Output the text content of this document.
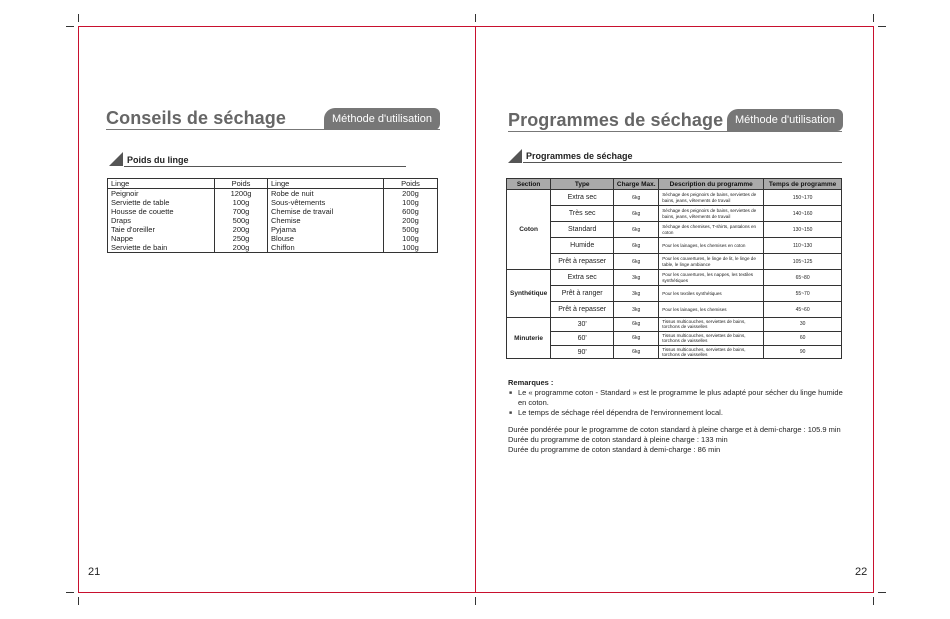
Conseils de séchage	Méthode d'utilisation
Poids du linge
Linge	Poids	Linge	Poids
Peignoir	1200g	Robe de nuit	200g
Serviette de table	100g	Sous-vêtements	100g
Housse de couette	700g	Chemise de travail	600g
Draps	500g	Chemise	200g
Taie d'oreiller	200g	Pyjama	500g
Nappe	250g	Blouse	100g
Serviette de bain	200g	Chiffon	100g
21
Programmes de séchage	Méthode d'utilisation
Programmes de séchage
Section	Type	Charge Max.	Description du programme	Temps de programme
Coton	Extra sec	6kg	Séchage des peignoirs de bains, serviettes de bains, jeans, vêtements de travail	150~170
	Très sec	6kg	Séchage des peignoirs de bains, serviettes de bains, jeans, vêtements de travail	140~160
	Standard	6kg	Séchage des chemises, T-shirts, pantalons en coton	130~150
	Humide	6kg	Pour les lainages, les chemises en coton	110~130
	Prêt à repasser	6kg	Pour les couvertures, le linge de lit, le linge de table, le linge ambiance	105~125
Synthétique	Extra sec	3kg	Pour les couvertures, les nappes, les textiles synthétiques	65~80
	Prêt à ranger	3kg	Pour les textiles synthétiques	55~70
	Prêt à repasser	3kg	Pour les lainages, les chemises	45~60
Minuterie	30'	6kg	Tissus multicouches, serviettes de bains, torchons de vaisselles	30
	60'	6kg	Tissus multicouches, serviettes de bains, torchons de vaisselles	60
	90'	6kg	Tissus multicouches, serviettes de bains, torchons de vaisselles	90
Remarques :
■ Le « programme coton - Standard » est le programme le plus adapté pour sécher du linge humide en coton.
■ Le temps de séchage réel dépendra de l'environnement local.
Durée pondérée pour le programme de coton standard à pleine charge et à demi-charge : 105.9 min
Durée du programme de coton standard à pleine charge : 133 min
Durée du programme de coton standard à demi-charge : 86 min
22
